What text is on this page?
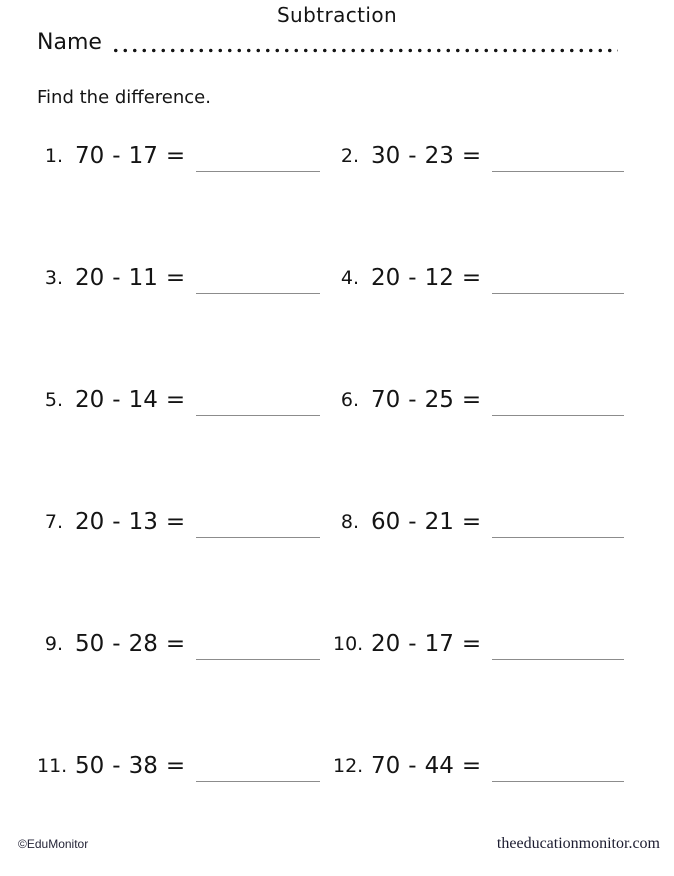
Subtraction
Name
Find the difference.
1. 70 - 17 =	2. 30 - 23 =
3. 20 - 11 =	4. 20 - 12 =
5. 20 - 14 =	6. 70 - 25 =
7. 20 - 13 =	8. 60 - 21 =
9. 50 - 28 =	10. 20 - 17 =
11. 50 - 38 =	12. 70 - 44 =
©EduMonitor	theeducationmonitor.com
